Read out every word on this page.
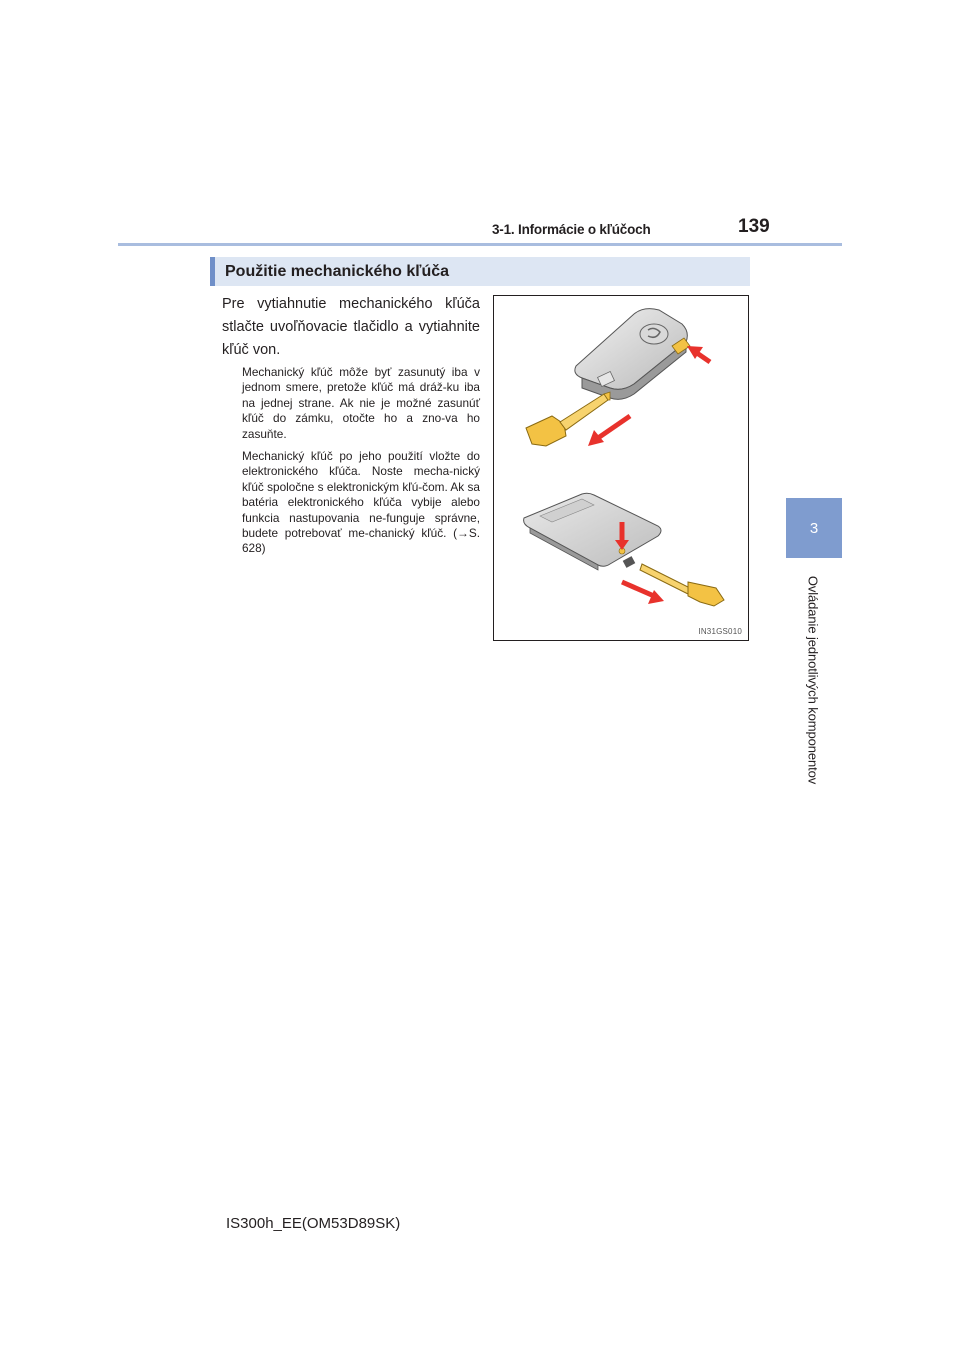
3-1. Informácie o kľúčoch	139
3
Ovládanie jednotlivých komponentov
Použitie mechanického kľúča
Pre vytiahnutie mechanického kľúča stlačte uvoľňovacie tlačidlo a vytiahnite kľúč von.
Mechanický kľúč môže byť zasunutý iba v jednom smere, pretože kľúč má dráž-ku iba na jednej strane. Ak nie je možné zasunúť kľúč do zámku, otočte ho a zno-va ho zasuňte.
Mechanický kľúč po jeho použití vložte do elektronického kľúča. Noste mecha-nický kľúč spoločne s elektronickým kľú-čom. Ak sa batéria elektronického kľúča vybije alebo funkcia nastupovania ne-funguje správne, budete potrebovať me-chanický kľúč. (→S. 628)
IN31GS010
IS300h_EE(OM53D89SK)
